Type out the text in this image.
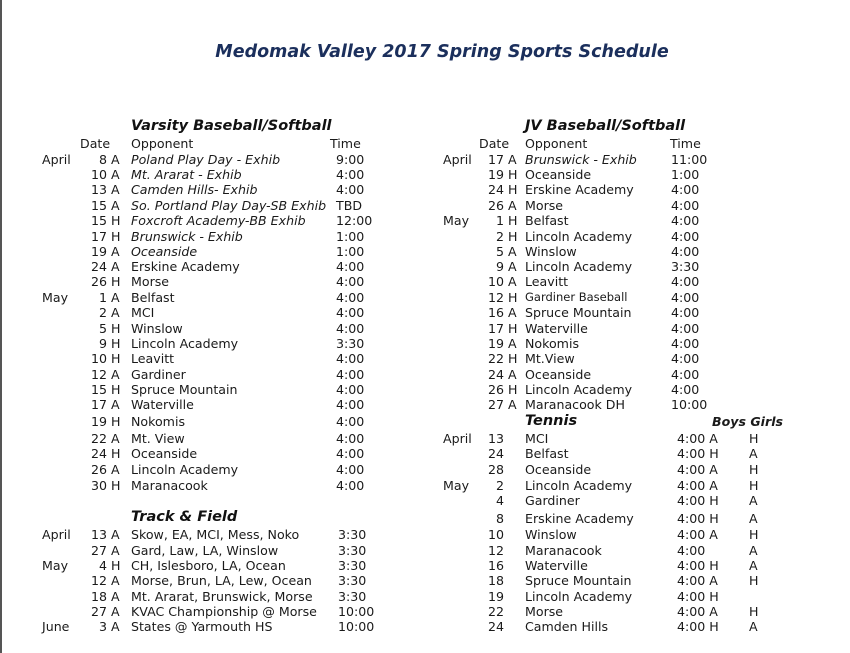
Medomak Valley 2017 Spring Sports Schedule
Varsity Baseball/Softball
Date Opponent	Time
April 8 A Poland Play Day - Exhib	9:00
10 A Mt. Ararat - Exhib	4:00
13 A Camden Hills- Exhib	4:00
15 A So. Portland Play Day-SB Exhib TBD
15 H Foxcroft Academy-BB Exhib 12:00
17 H Brunswick - Exhib	1:00
19 A Oceanside	1:00
24 A Erskine Academy	4:00
26 H Morse	4:00
May 1 A Belfast	4:00
2 A MCI	4:00
5 H Winslow	4:00
9 H Lincoln Academy	3:30
10 H Leavitt	4:00
12 A Gardiner	4:00
15 H Spruce Mountain	4:00
17 A Waterville	4:00
19 H Nokomis	4:00
22 A Mt. View	4:00
24 H Oceanside	4:00
26 A Lincoln Academy	4:00
30 H Maranacook	4:00
Track & Field
April 13 A Skow, EA, MCI, Mess, Noko	3:30
27 A Gard, Law, LA, Winslow	3:30
May 4 H CH, Islesboro, LA, Ocean	3:30
12 A Morse, Brun, LA, Lew, Ocean 3:30
18 A Mt. Ararat, Brunswick, Morse 3:30
27 A KVAC Championship @ Morse 10:00
June 3 A States @ Yarmouth HS	10:00
JV Baseball/Softball
Date Opponent	Time
April 17 A Brunswick - Exhib	11:00
19 H Oceanside	1:00
24 H Erskine Academy	4:00
26 A Morse	4:00
May 1 H Belfast	4:00
2 H Lincoln Academy	4:00
5 A Winslow	4:00
9 A Lincoln Academy	3:30
10 A Leavitt	4:00
12 H Gardiner Baseball	4:00
16 A Spruce Mountain	4:00
17 H Waterville	4:00
19 A Nokomis	4:00
22 H Mt.View	4:00
24 A Oceanside	4:00
26 H Lincoln Academy	4:00
27 A Maranacook DH	10:00
Tennis	Boys Girls
April 13 MCI	4:00 A H
24 Belfast	4:00 H A
28 Oceanside	4:00 A H
May 2 Lincoln Academy	4:00 A H
4 Gardiner	4:00 H A
8 Erskine Academy	4:00 H A
10 Winslow	4:00 A H
12 Maranacook	4:00	A
16 Waterville	4:00 H A
18 Spruce Mountain	4:00 A H
19 Lincoln Academy	4:00 H
22 Morse	4:00 A H
24 Camden Hills	4:00 H A
